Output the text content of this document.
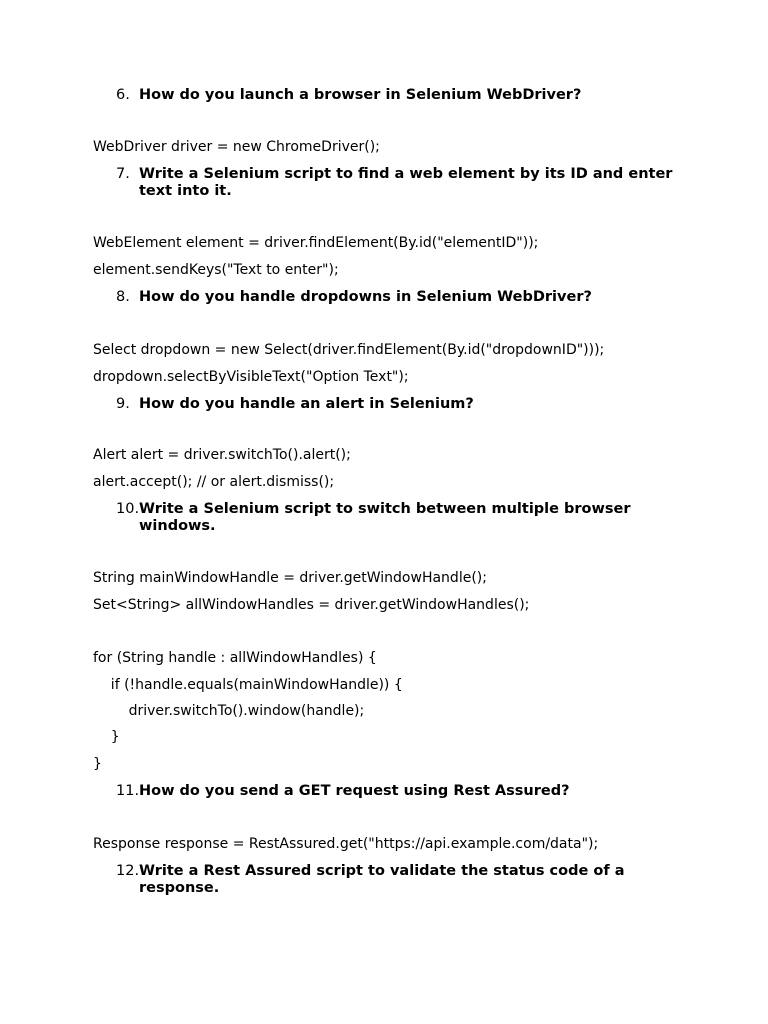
6. How do you launch a browser in Selenium WebDriver?
WebDriver driver = new ChromeDriver();
7. Write a Selenium script to find a web element by its ID and enter text into it.
WebElement element = driver.findElement(By.id("elementID"));
element.sendKeys("Text to enter");
8. How do you handle dropdowns in Selenium WebDriver?
Select dropdown = new Select(driver.findElement(By.id("dropdownID")));
dropdown.selectByVisibleText("Option Text");
9. How do you handle an alert in Selenium?
Alert alert = driver.switchTo().alert();
alert.accept(); // or alert.dismiss();
10. Write a Selenium script to switch between multiple browser windows.
String mainWindowHandle = driver.getWindowHandle();
Set<String> allWindowHandles = driver.getWindowHandles();
for (String handle : allWindowHandles) {
if (!handle.equals(mainWindowHandle)) {
driver.switchTo().window(handle);
}
}
11. How do you send a GET request using Rest Assured?
Response response = RestAssured.get("https://api.example.com/data");
12. Write a Rest Assured script to validate the status code of a response.
